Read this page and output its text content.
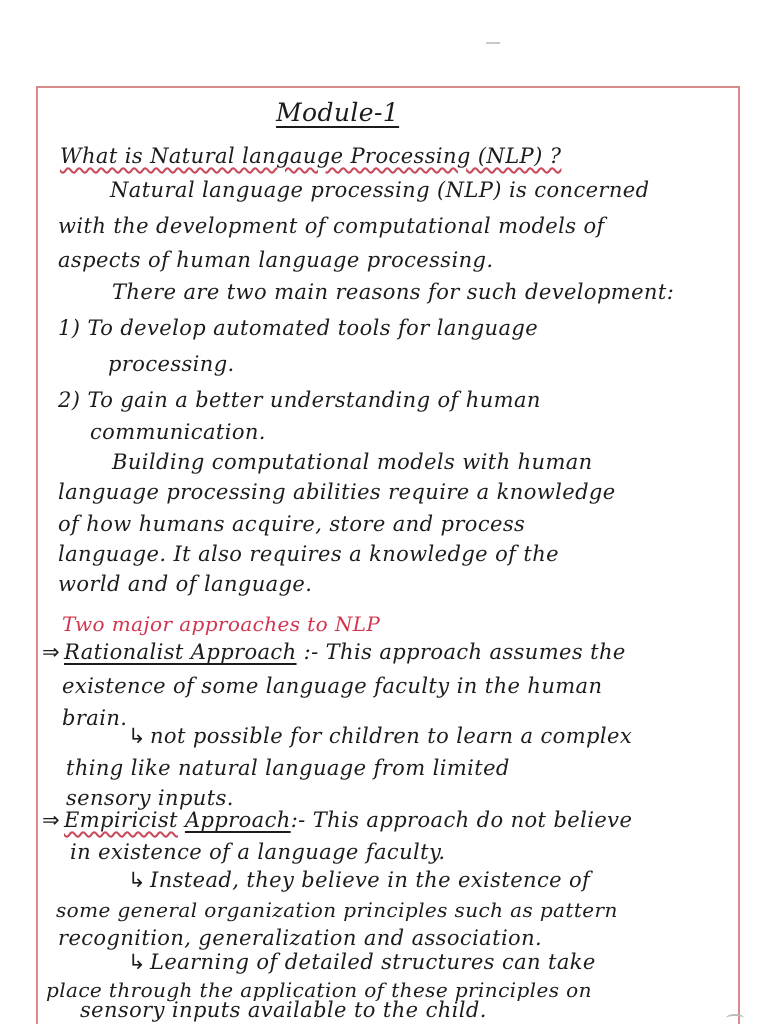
Module-1
What is Natural langauge Processing (NLP) ?
Natural language processing (NLP) is concerned
with the development of computational models of
aspects of human language processing.
There are two main reasons for such development:
1) To develop automated tools for language
processing.
2) To gain a better understanding of human
communication.
Building computational models with human
language processing abilities require a knowledge
of how humans acquire, store and process
language. It also requires a knowledge of the
world and of language.
Two major approaches to NLP
⇒ Rationalist Approach :- This approach assumes the
existence of some language faculty in the human
brain.
↳ not possible for children to learn a complex
thing like natural language from limited
sensory inputs.
⇒ Empiricist Approach:- This approach do not believe
in existence of a language faculty.
↳ Instead, they believe in the existence of
some general organization principles such as pattern
recognition, generalization and association.
↳ Learning of detailed structures can take
place through the application of these principles on
sensory inputs available to the child.
